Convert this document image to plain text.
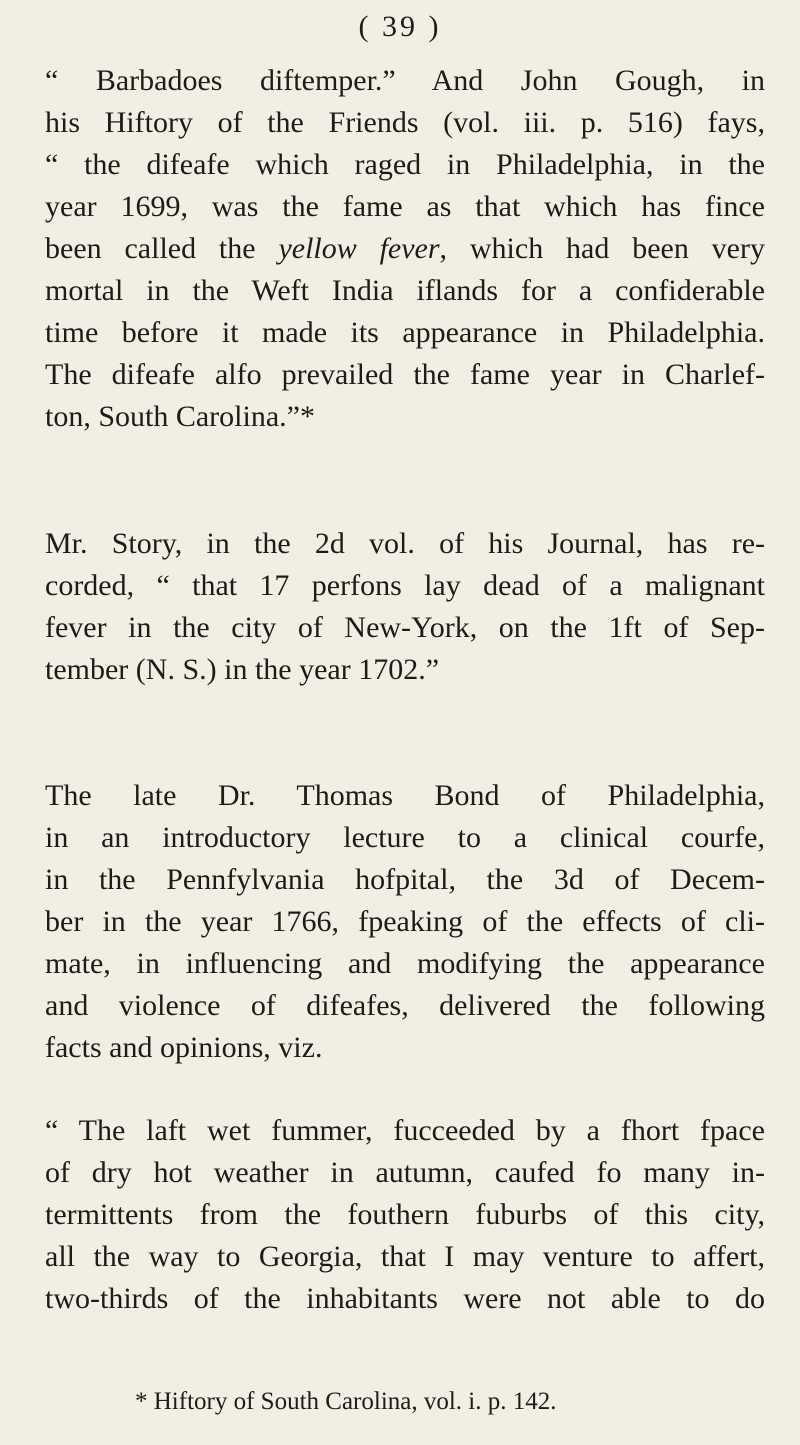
( 39 )
“ Barbadoes diftemper.” And John Gough, in
his Hiftory of the Friends (vol. iii. p. 516) fays,
“ the difeafe which raged in Philadelphia, in the
year 1699, was the fame as that which has fince
been called the yellow fever, which had been very
mortal in the Weft India iflands for a confiderable
time before it made its appearance in Philadelphia.
The difeafe alfo prevailed the fame year in Charlef-
ton, South Carolina.”*
Mr. Story, in the 2d vol. of his Journal, has re-
corded, “ that 17 perfons lay dead of a malignant
fever in the city of New-York, on the 1ft of Sep-
tember (N. S.) in the year 1702.”
The late Dr. Thomas Bond of Philadelphia,
in an introductory lecture to a clinical courfe,
in the Pennfylvania hofpital, the 3d of Decem-
ber in the year 1766, fpeaking of the effects of cli-
mate, in influencing and modifying the appearance
and violence of difeafes, delivered the following
facts and opinions, viz.
“ The laft wet fummer, fucceeded by a fhort fpace
of dry hot weather in autumn, caufed fo many in-
termittents from the fouthern fuburbs of this city,
all the way to Georgia, that I may venture to affert,
two-thirds of the inhabitants were not able to do
* Hiftory of South Carolina, vol. i. p. 142.
